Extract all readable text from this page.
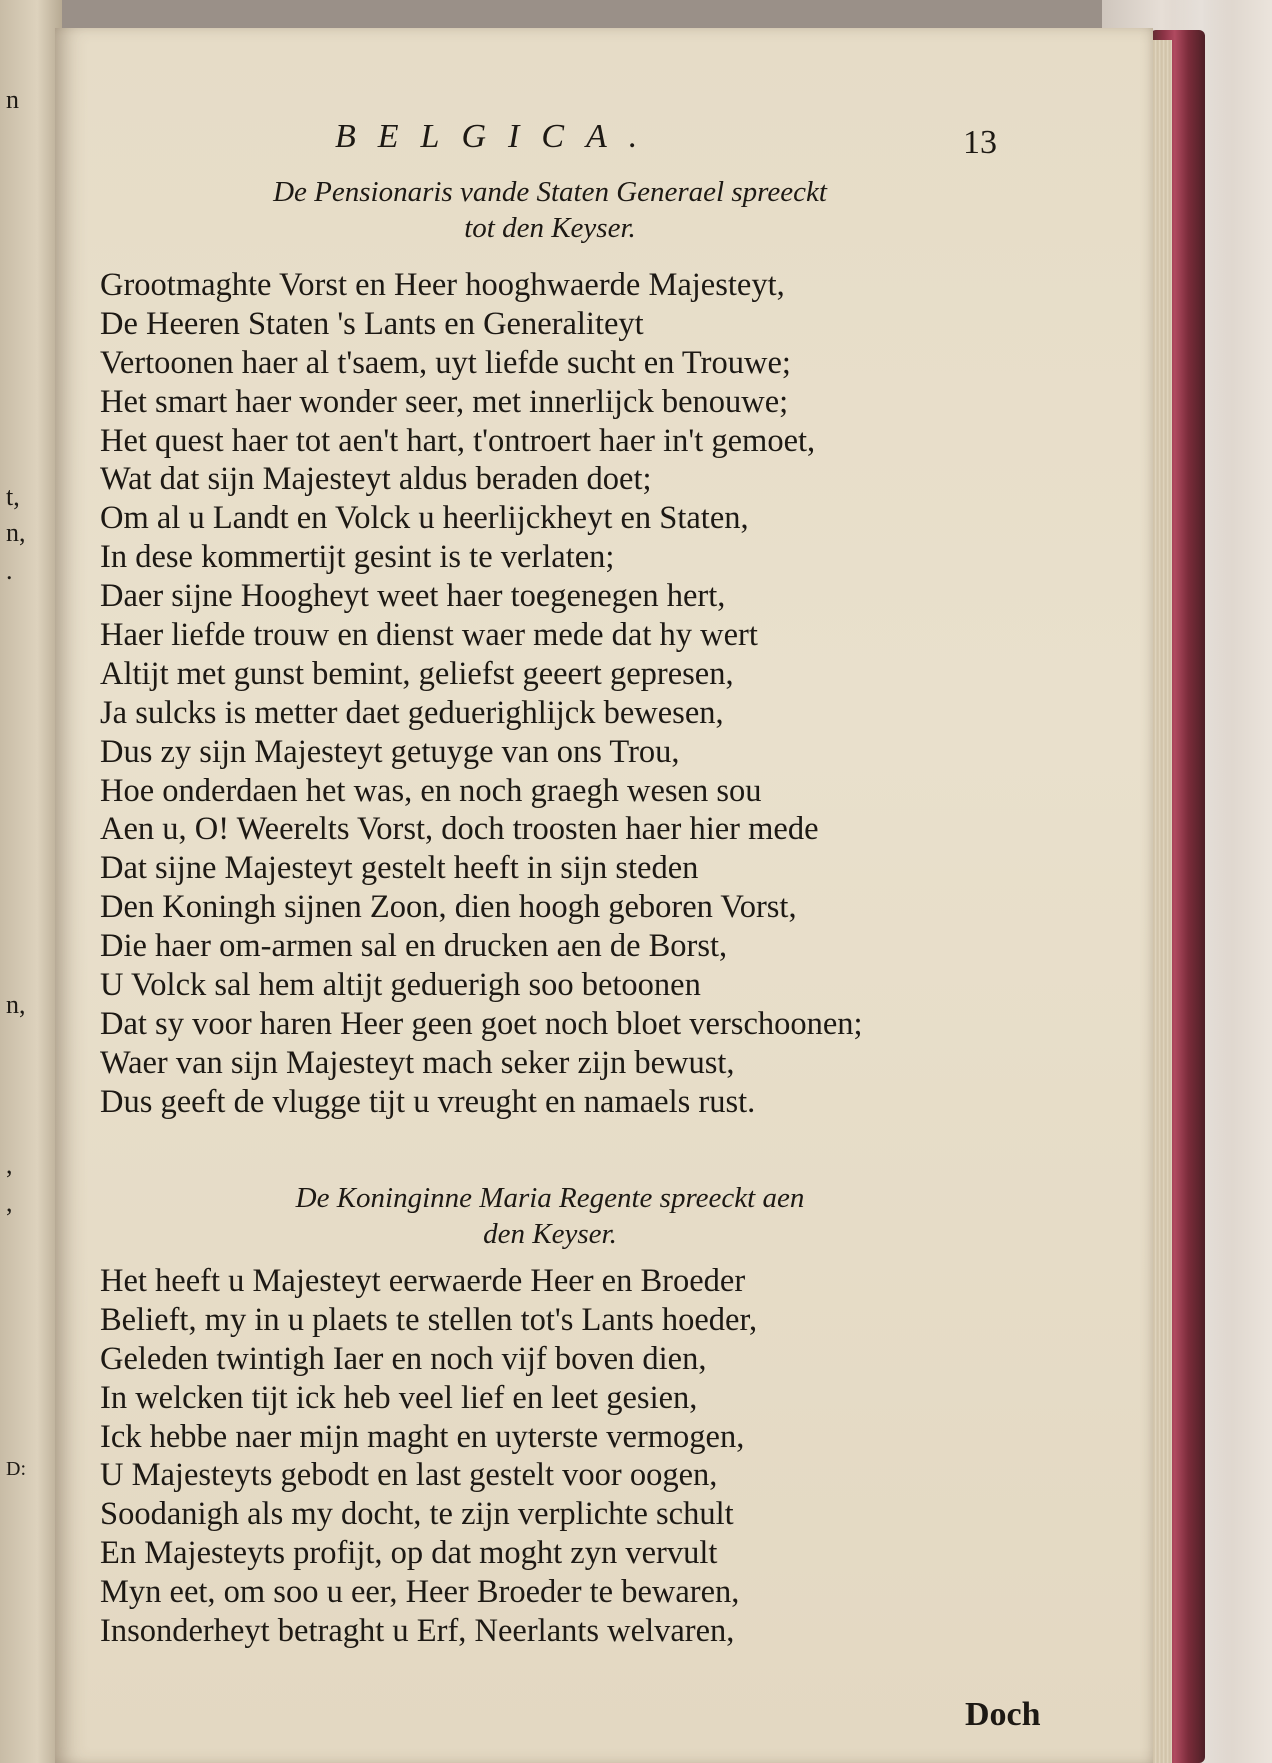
n
t,
n,
.
n,
,
,
D:
BELGICA.	13
De Pensionaris vande Staten Generael spreeckt
tot den Keyser.
Grootmaghte Vorst en Heer hooghwaerde Majesteyt,
De Heeren Staten 's Lants en Generaliteyt
Vertoonen haer al t'saem, uyt liefde sucht en Trouwe;
Het smart haer wonder seer, met innerlijck benouwe;
Het quest haer tot aen't hart, t'ontroert haer in't gemoet,
Wat dat sijn Majesteyt aldus beraden doet;
Om al u Landt en Volck u heerlijckheyt en Staten,
In dese kommertijt gesint is te verlaten;
Daer sijne Hoogheyt weet haer toegenegen hert,
Haer liefde trouw en dienst waer mede dat hy wert
Altijt met gunst bemint, geliefst geeert gepresen,
Ja sulcks is metter daet geduerighlijck bewesen,
Dus zy sijn Majesteyt getuyge van ons Trou,
Hoe onderdaen het was, en noch graegh wesen sou
Aen u, O! Weerelts Vorst, doch troosten haer hier mede
Dat sijne Majesteyt gestelt heeft in sijn steden
Den Koningh sijnen Zoon, dien hoogh geboren Vorst,
Die haer om-armen sal en drucken aen de Borst,
U Volck sal hem altijt geduerigh soo betoonen
Dat sy voor haren Heer geen goet noch bloet verschoonen;
Waer van sijn Majesteyt mach seker zijn bewust,
Dus geeft de vlugge tijt u vreught en namaels rust.
De Koninginne Maria Regente spreeckt aen
den Keyser.
Het heeft u Majesteyt eerwaerde Heer en Broeder
Belieft, my in u plaets te stellen tot's Lants hoeder,
Geleden twintigh Iaer en noch vijf boven dien,
In welcken tijt ick heb veel lief en leet gesien,
Ick hebbe naer mijn maght en uyterste vermogen,
U Majesteyts gebodt en last gestelt voor oogen,
Soodanigh als my docht, te zijn verplichte schult
En Majesteyts profijt, op dat moght zyn vervult
Myn eet, om soo u eer, Heer Broeder te bewaren,
Insonderheyt betraght u Erf, Neerlants welvaren,
Doch
